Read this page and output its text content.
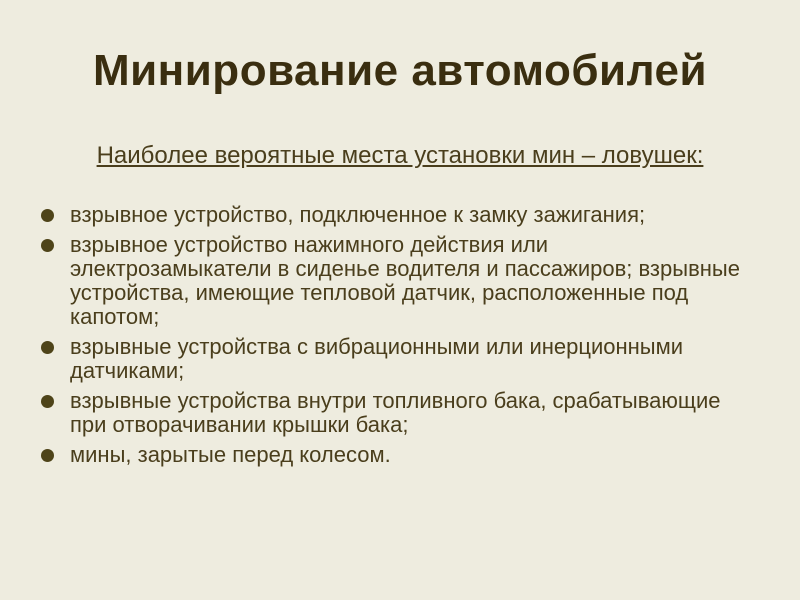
Минирование автомобилей
Наиболее вероятные места установки мин – ловушек:
взрывное устройство, подключенное к замку зажигания;
взрывное устройство нажимного действия или электрозамыкатели в сиденье водителя и пассажиров; взрывные устройства, имеющие тепловой датчик, расположенные под капотом;
взрывные устройства с вибрационными или инерционными датчиками;
взрывные устройства внутри топливного бака, срабатывающие при отворачивании крышки бака;
мины, зарытые перед колесом.
